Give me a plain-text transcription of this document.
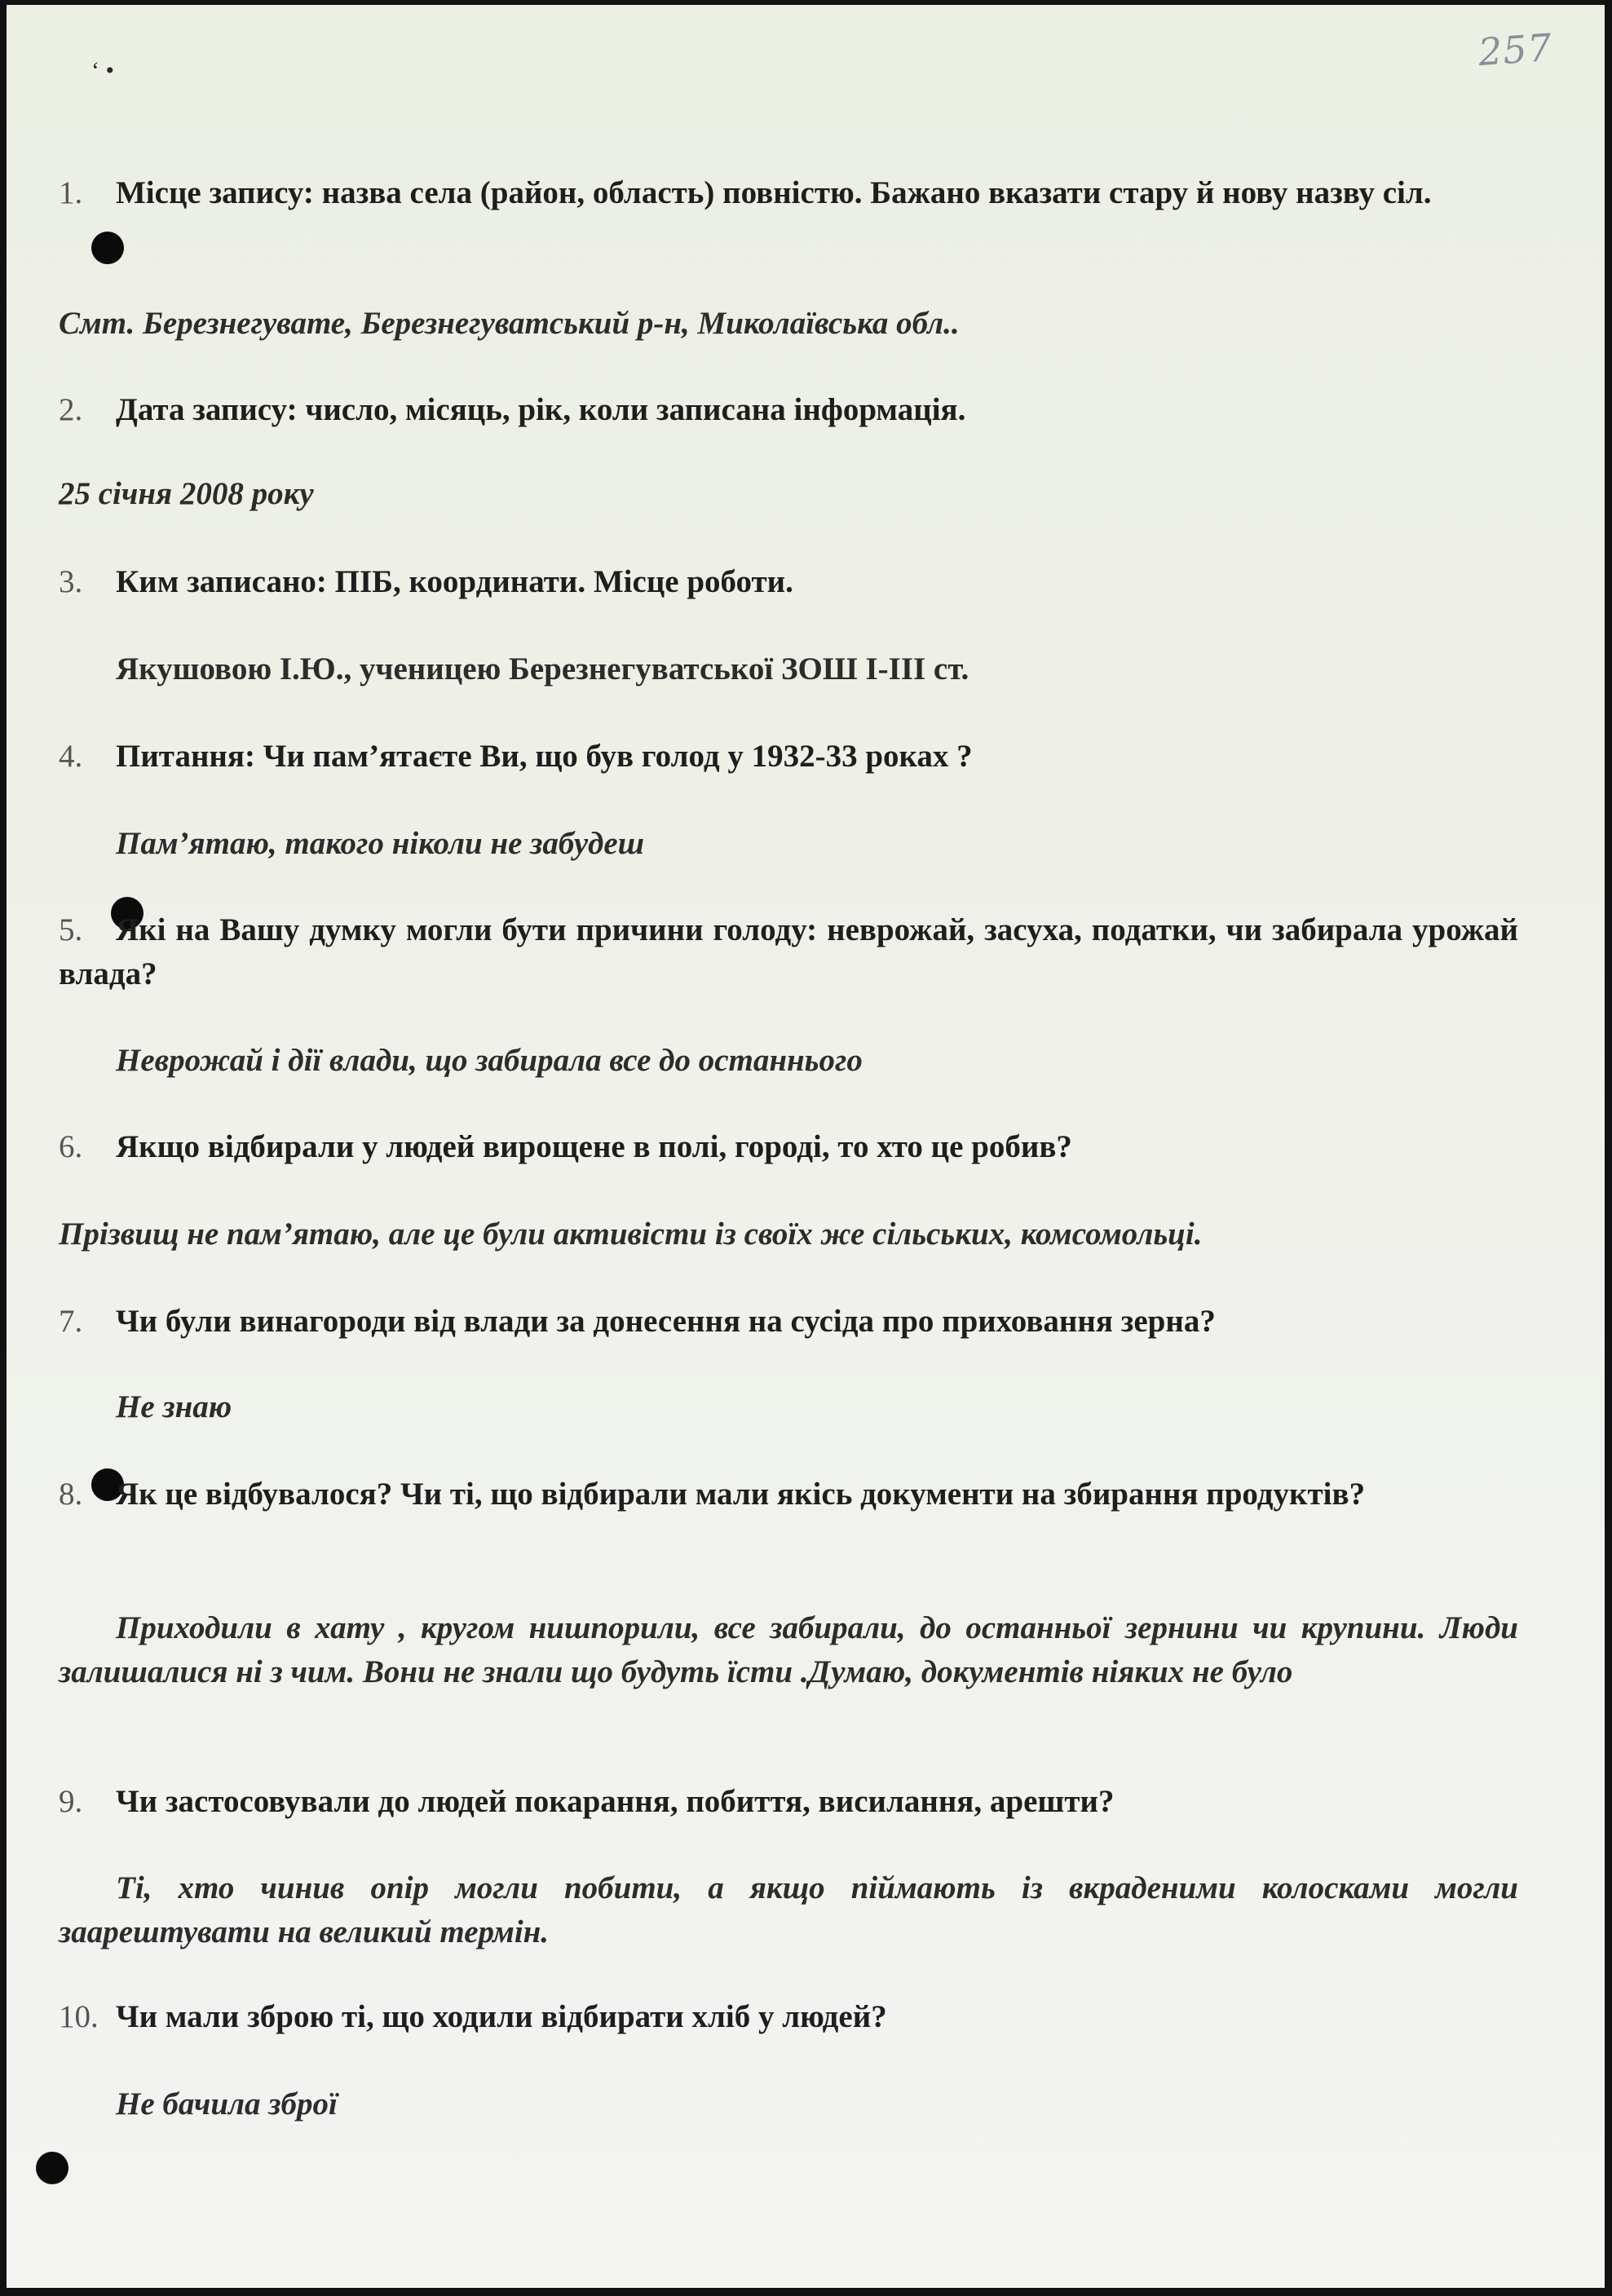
257
ʻ •

1. Місце запису: назва села (район, область) повністю. Бажано вказати стару й нову назву сіл.

Смт. Березнегувате, Березнегуватський р-н, Миколаївська обл..

2. Дата запису: число, місяць, рік, коли записана інформація.

25 січня 2008 року

3. Ким записано: ПІБ, координати. Місце роботи.

Якушовою І.Ю., ученицею Березнегуватської ЗОШ І-ІІІ ст.

4. Питання: Чи пам’ятаєте Ви, що був голод у 1932-33 роках ?

Пам’ятаю, такого ніколи не забудеш

5. Які на Вашу думку могли бути причини голоду: неврожай, засуха, податки, чи забирала урожай влада?

Неврожай і дії влади, що забирала все до останнього

6. Якщо відбирали у людей вирощене в полі, городі, то хто це робив?

Прізвищ не пам’ятаю, але це були активісти із своїх же сільських, комсомольці.

7. Чи були винагороди від влади за донесення на сусіда про приховання зерна?

Не знаю

8. Як це відбувалося? Чи ті, що відбирали мали якісь документи на збирання продуктів?

Приходили в хату , кругом нишпорили, все забирали, до останньої зернини чи крупини. Люди залишалися ні з чим. Вони не знали що будуть їсти .Думаю, документів ніяких не було

9. Чи застосовували до людей покарання, побиття, висилання, арешти?

Ті, хто чинив опір могли побити, а якщо піймають із вкраденими колосками могли заарештувати на великий термін.

10. Чи мали зброю ті, що ходили відбирати хліб у людей?

Не бачила зброї
